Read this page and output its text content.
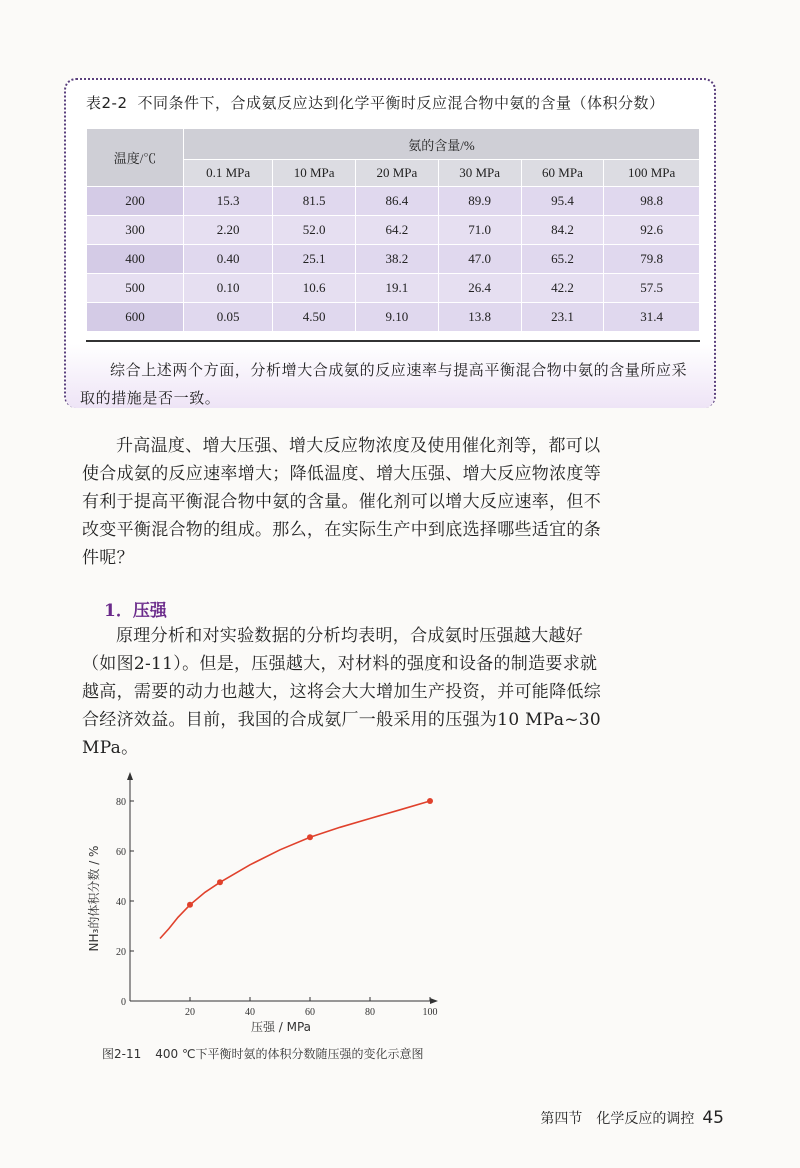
表2-2 不同条件下，合成氨反应达到化学平衡时反应混合物中氨的含量（体积分数）
温度/℃	氨的含量/%					
	0.1 MPa	10 MPa	20 MPa	30 MPa	60 MPa	100 MPa
200	15.3	81.5	86.4	89.9	95.4	98.8
300	2.20	52.0	64.2	71.0	84.2	92.6
400	0.40	25.1	38.2	47.0	65.2	79.8
500	0.10	10.6	19.1	26.4	42.2	57.5
600	0.05	4.50	9.10	13.8	23.1	31.4

综合上述两个方面，分析增大合成氨的反应速率与提高平衡混合物中氨的含量所应采取的措施是否一致。

升高温度、增大压强、增大反应物浓度及使用催化剂等，都可以使合成氨的反应速率增大；降低温度、增大压强、增大反应物浓度等有利于提高平衡混合物中氨的含量。催化剂可以增大反应速率，但不改变平衡混合物的组成。那么，在实际生产中到底选择哪些适宜的条件呢？

1．压强

原理分析和对实验数据的分析均表明，合成氨时压强越大越好（如图2-11）。但是，压强越大，对材料的强度和设备的制造要求就越高，需要的动力也越大，这将会大大增加生产投资，并可能降低综合经济效益。目前，我国的合成氨厂一般采用的压强为10 MPa~30 MPa。

20	40	60	80	100
0
20
40
60
80
压强 / MPa
NH₃的体积分数 / %
图2-11 400 ℃下平衡时氨的体积分数随压强的变化示意图
第四节　化学反应的调控 45
